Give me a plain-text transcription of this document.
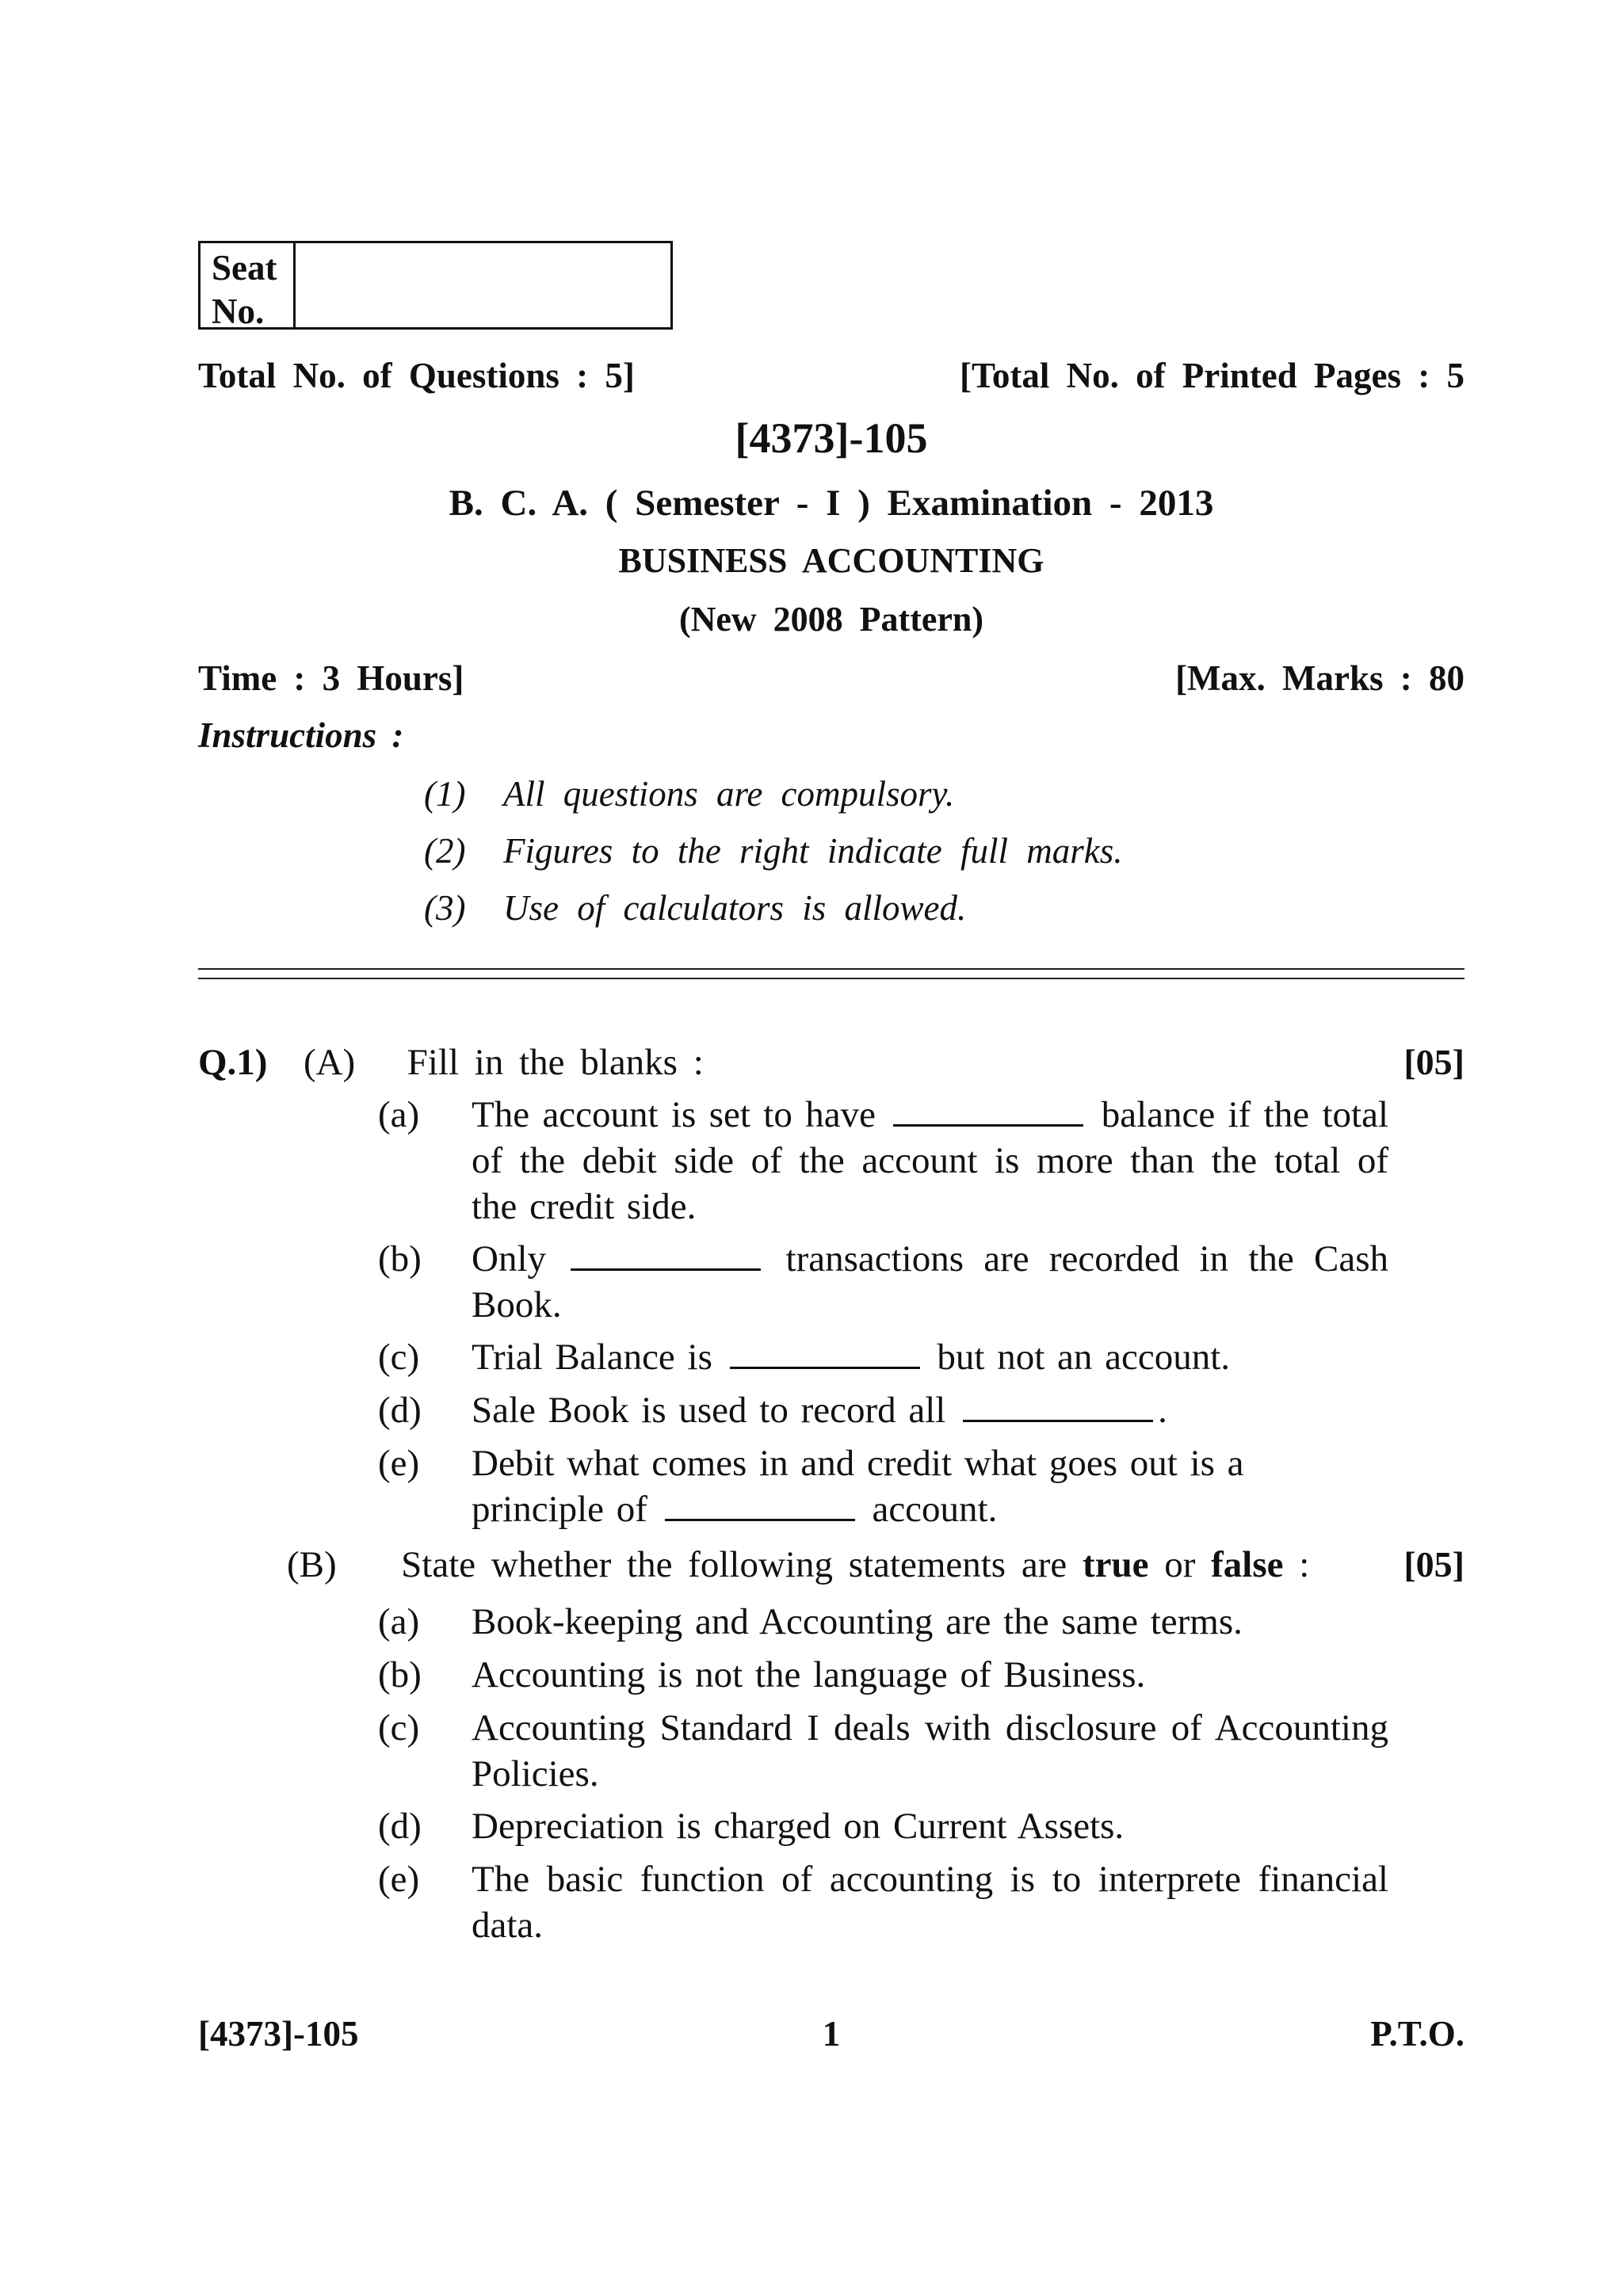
Seat No.
Total No. of Questions : 5]	[Total No. of Printed Pages : 5
[4373]-105
B. C. A. ( Semester - I ) Examination - 2013
BUSINESS ACCOUNTING
(New 2008 Pattern)
Time : 3 Hours]	[Max. Marks : 80
Instructions :
(1) All questions are compulsory.
(2) Figures to the right indicate full marks.
(3) Use of calculators is allowed.
Q.1) (A) Fill in the blanks :	[05]
(a)	The account is set to have	balance if the total of the debit side of the account is more than the total of the credit side.
(b)	Only	transactions are recorded in the Cash Book.
(c)	Trial Balance is	but not an account.
(d)	Sale Book is used to record all	.
(e)	Debit what comes in and credit what goes out is a principle of	account.
(B) State whether the following statements are true or false :	[05]
(a)	Book-keeping and Accounting are the same terms.
(b)	Accounting is not the language of Business.
(c)	Accounting Standard I deals with disclosure of Accounting Policies.
(d)	Depreciation is charged on Current Assets.
(e)	The basic function of accounting is to interprete financial data.
[4373]-105	1	P.T.O.
